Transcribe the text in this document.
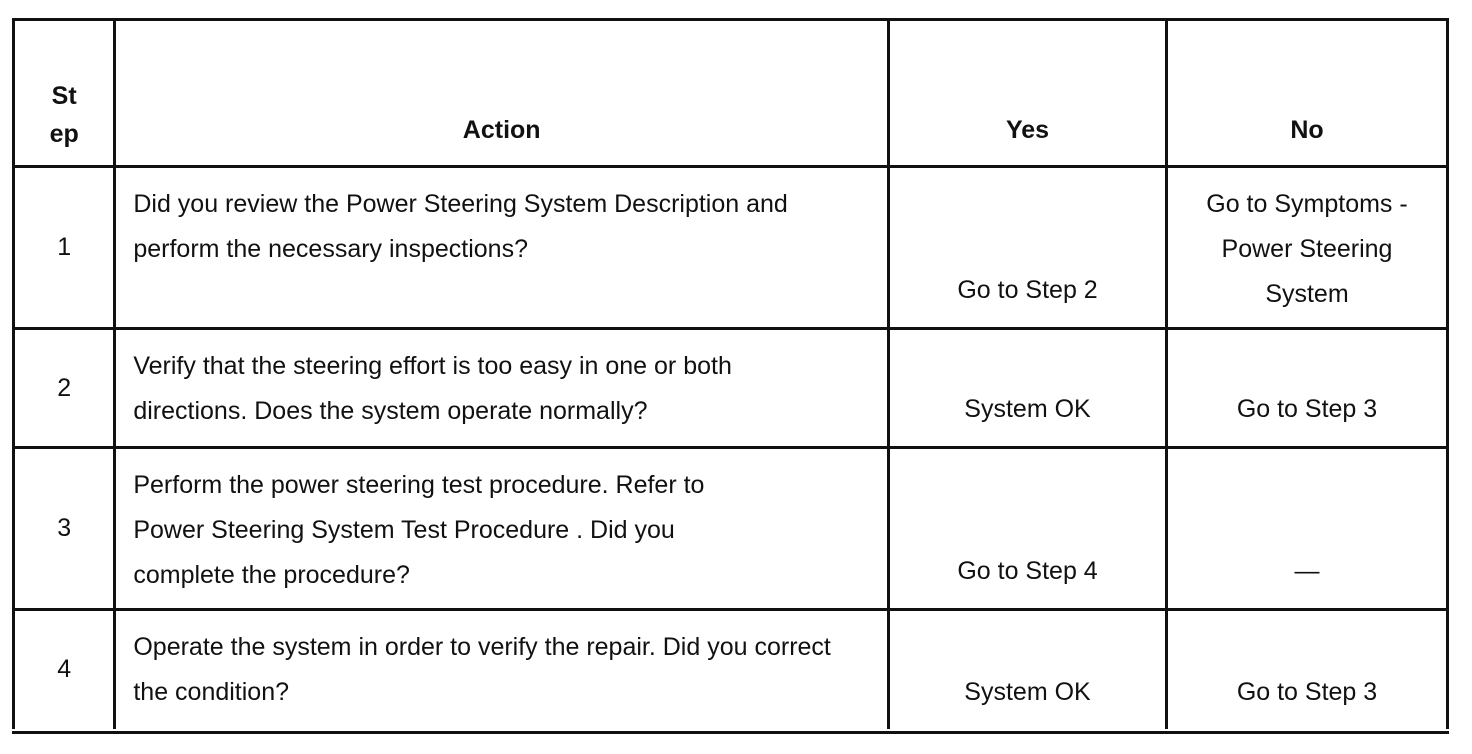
St
ep	Action	Yes	No
1	Did you review the Power Steering System Description and perform the necessary inspections?	Go to Step 2	Go to Symptoms - Power Steering System

2	Verify that the steering effort is too easy in one or both directions. Does the system operate normally?	System OK	Go to Step 3
3	Perform the power steering test procedure. Refer to Power Steering System Test Procedure . Did you complete the procedure?	Go to Step 4	—
4	Operate the system in order to verify the repair. Did you correct the condition?	System OK	Go to Step 3
